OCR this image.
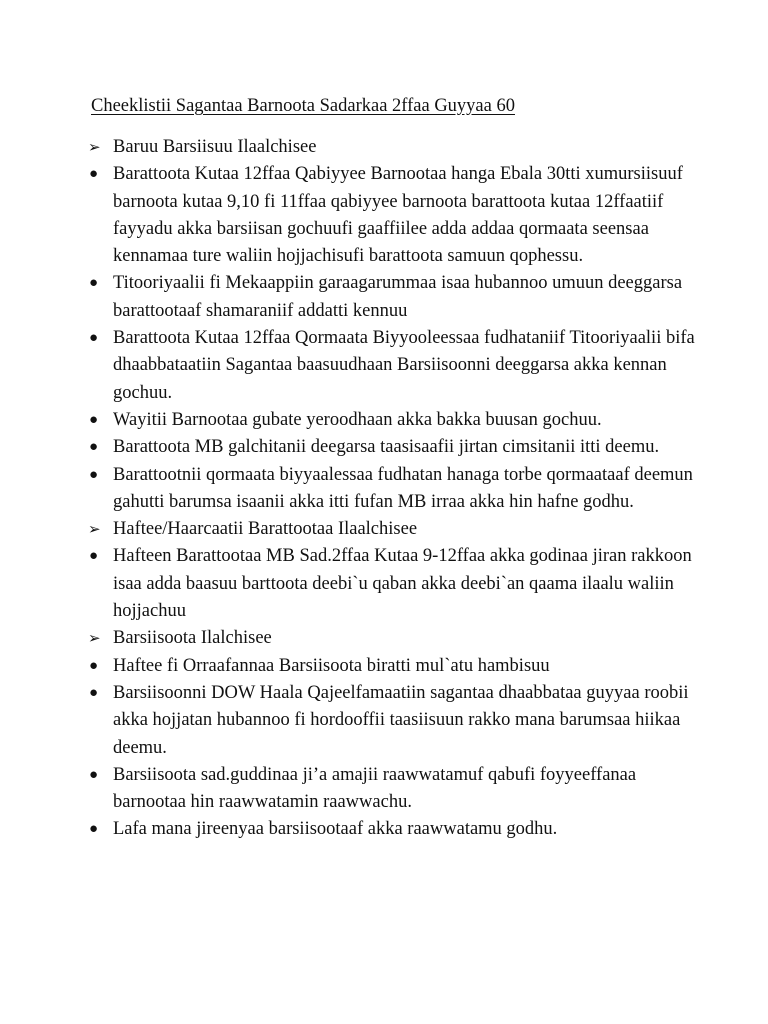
Cheeklistii Sagantaa Barnoota Sadarkaa 2ffaa Guyyaa 60
➢ Baruu Barsiisuu Ilaalchisee
● Barattoota Kutaa 12ffaa Qabiyyee Barnootaa hanga Ebala 30tti xumursiisuuf barnoota kutaa 9,10 fi 11ffaa qabiyyee barnoota barattoota kutaa 12ffaatiif fayyadu akka barsiisan gochuufi gaaffiilee adda addaa qormaata seensaa kennamaa ture waliin hojjachisufi barattoota samuun qophessu.
● Titooriyaalii fi Mekaappiin garaagarummaa isaa hubannoo umuun deeggarsa barattootaaf shamaraniif addatti kennuu
● Barattoota Kutaa 12ffaa Qormaata Biyyooleessaa fudhataniif Titooriyaalii bifa dhaabbataatiin Sagantaa baasuudhaan Barsiisoonni deeggarsa akka kennan gochuu.
● Wayitii Barnootaa gubate yeroodhaan akka bakka buusan gochuu.
● Barattoota MB galchitanii deegarsa taasisaafii jirtan cimsitanii itti deemu.
● Barattootnii qormaata biyyaalessaa fudhatan hanaga torbe qormaataaf deemun gahutti barumsa isaanii akka itti fufan MB irraa akka hin hafne godhu.
➢ Haftee/Haarcaatii Barattootaa Ilaalchisee
● Hafteen Barattootaa MB Sad.2ffaa Kutaa 9-12ffaa akka godinaa jiran rakkoon isaa adda baasuu barttoota deebi`u qaban akka deebi`an qaama ilaalu waliin hojjachuu
➢ Barsiisoota Ilalchisee
● Haftee fi Orraafannaa Barsiisoota biratti mul`atu hambisuu
● Barsiisoonni DOW Haala Qajeelfamaatiin sagantaa dhaabbataa guyyaa roobii akka hojjatan hubannoo fi hordooffii taasiisuun rakko mana barumsaa hiikaa deemu.
● Barsiisoota sad.guddinaa ji’a amajii raawwatamuf qabufi foyyeeffanaa barnootaa hin raawwatamin raawwachu.
● Lafa mana jireenyaa barsiisootaaf akka raawwatamu godhu.
